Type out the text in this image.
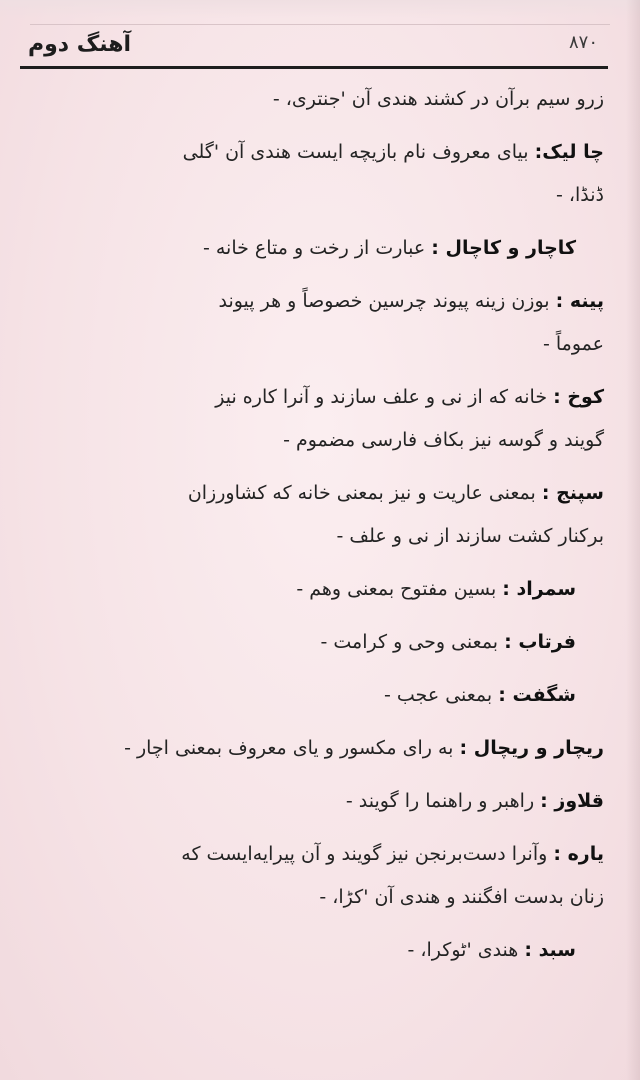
آهنگ دوم	۸۷۰
زرو سیم برآن در کشند هندی آن 'جنتری، -
چا لیک: بیای معروف نام بازیچه ایست هندی آن 'گلی
ڈنڈا، -
کاچار و کاچال : عبارت از رخت و متاع خانه -
پینه : بوزن زینه پیوند چرسین خصوصاً و هر پیوند
عموماً -
کوخ : خانه که از نی و علف سازند و آنرا کاره نیز
گویند و گوسه نیز بکاف فارسی مضموم -
سپنج : بمعنی عاریت و نیز بمعنی خانه که کشاورزان
برکنار کشت سازند از نی و علف -
سمراد : بسین مفتوح بمعنی وهم -
فرتاب : بمعنی وحی و کرامت -
شگفت : بمعنی عجب -
ریچار و ریچال : به رای مکسور و یای معروف بمعنی اچار -
قلاوز : راهبر و راهنما را گویند -
یاره : وآنرا دست‌برنجن نیز گویند و آن پیرایه‌ایست که
زنان بدست افگنند و هندی آن 'کڑا، -
سبد : هندی 'ٹوکرا، -
